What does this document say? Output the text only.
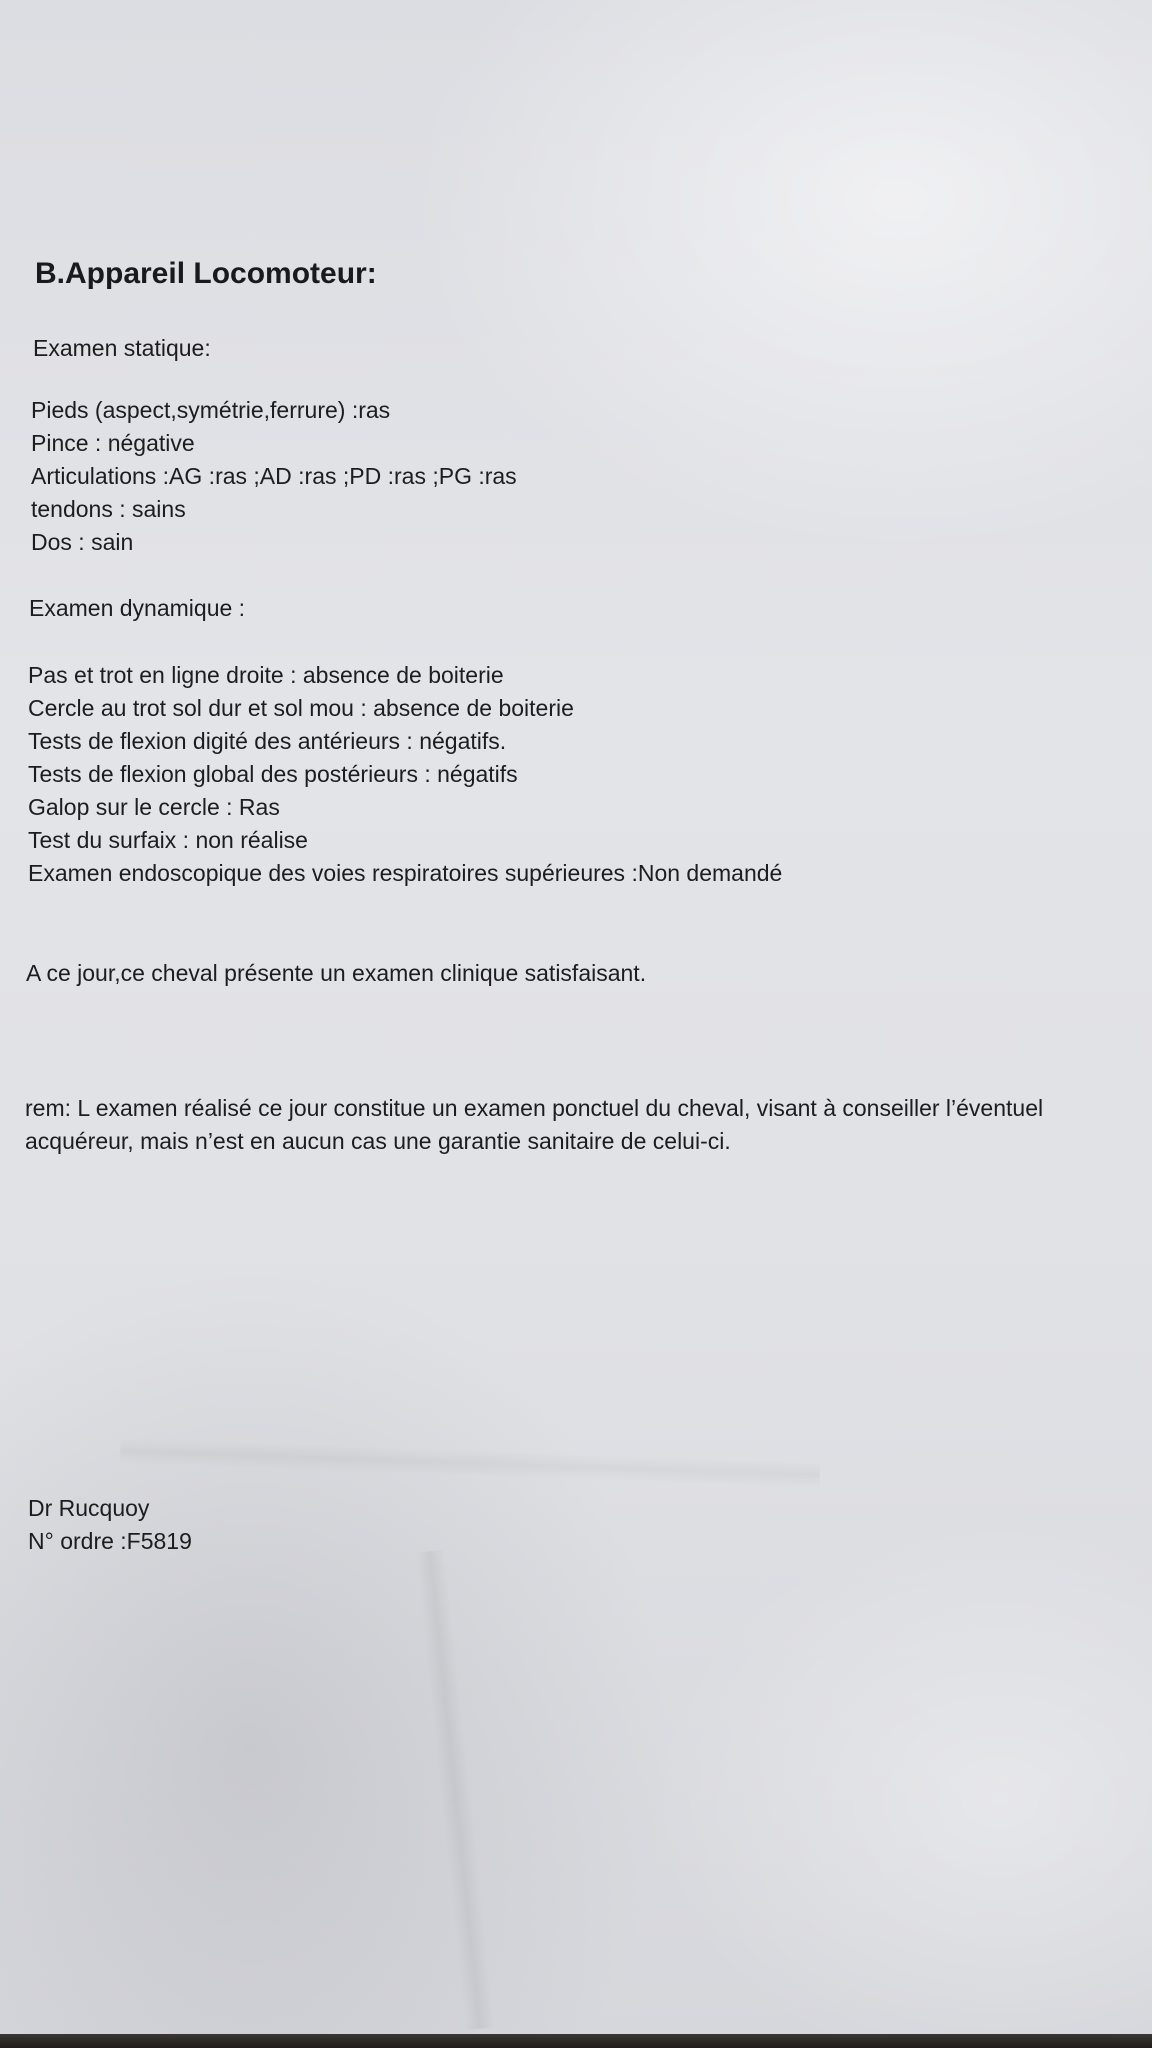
B.Appareil Locomoteur:
Examen statique:
Pieds (aspect,symétrie,ferrure) :ras
Pince : négative
Articulations :AG :ras ;AD :ras ;PD :ras ;PG :ras
tendons : sains
Dos : sain
Examen dynamique :
Pas et trot en ligne droite : absence de boiterie
Cercle au trot sol dur et sol mou : absence de boiterie
Tests de flexion digité des antérieurs : négatifs.
Tests de flexion global des postérieurs : négatifs
Galop sur le cercle : Ras
Test du surfaix : non réalise
Examen endoscopique des voies respiratoires supérieures :Non demandé
A ce jour,ce cheval présente un examen clinique satisfaisant.
rem: L examen réalisé ce jour constitue un examen ponctuel du cheval, visant à conseiller l’éventuel
acquéreur, mais n’est en aucun cas une garantie sanitaire de celui-ci.
Dr Rucquoy
N° ordre :F5819
